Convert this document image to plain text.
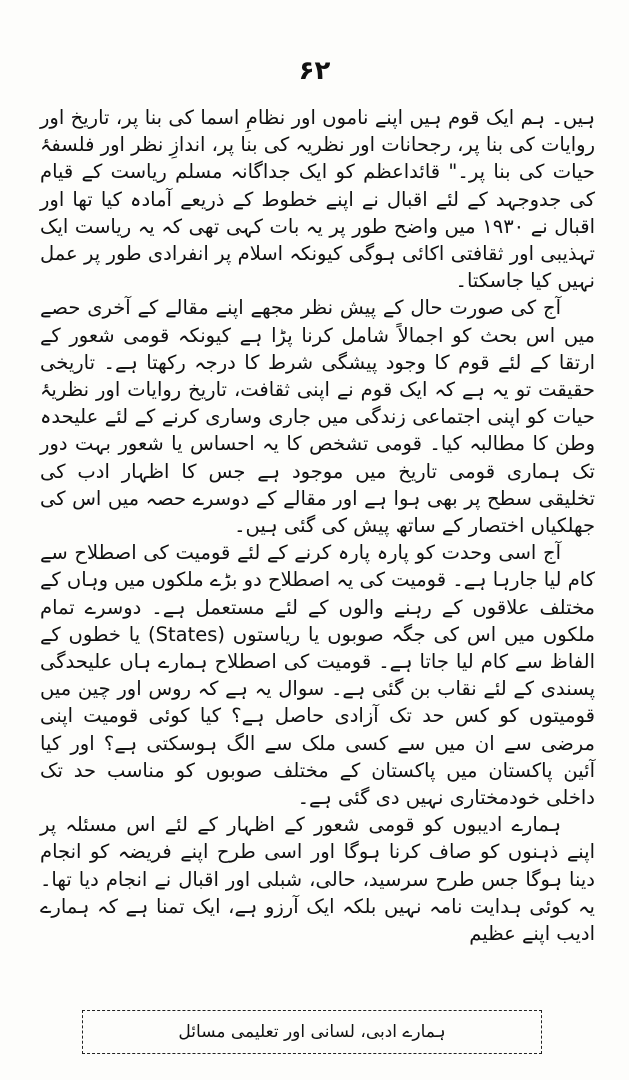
۶۲

ہیں۔ ہم ایک قوم ہیں اپنے ناموں اور نظامِ اسما کی بنا پر، تاریخ اور روایات کی بنا پر، رجحانات اور نظریہ کی بنا پر، اندازِ نظر اور فلسفۂ حیات کی بنا پر۔" قائداعظم کو ایک جداگانہ مسلم ریاست کے قیام کی جدوجہد کے لئے اقبال نے اپنے خطوط کے ذریعے آمادہ کیا تھا اور اقبال نے ۱۹۳۰ میں واضح طور پر یہ بات کہی تھی کہ یہ ریاست ایک تہذیبی اور ثقافتی اکائی ہوگی کیونکہ اسلام پر انفرادی طور پر عمل نہیں کیا جاسکتا۔

آج کی صورت حال کے پیش نظر مجھے اپنے مقالے کے آخری حصے میں اس بحث کو اجمالاً شامل کرنا پڑا ہے کیونکہ قومی شعور کے ارتقا کے لئے قوم کا وجود پیشگی شرط کا درجہ رکھتا ہے۔ تاریخی حقیقت تو یہ ہے کہ ایک قوم نے اپنی ثقافت، تاریخ روایات اور نظریۂ حیات کو اپنی اجتماعی زندگی میں جاری وساری کرنے کے لئے علیحدہ وطن کا مطالبہ کیا۔ قومی تشخص کا یہ احساس یا شعور بہت دور تک ہماری قومی تاریخ میں موجود ہے جس کا اظہار ادب کی تخلیقی سطح پر بھی ہوا ہے اور مقالے کے دوسرے حصہ میں اس کی جھلکیاں اختصار کے ساتھ پیش کی گئی ہیں۔

آج اسی وحدت کو پارہ پارہ کرنے کے لئے قومیت کی اصطلاح سے کام لیا جارہا ہے۔ قومیت کی یہ اصطلاح دو بڑے ملکوں میں وہاں کے مختلف علاقوں کے رہنے والوں کے لئے مستعمل ہے۔ دوسرے تمام ملکوں میں اس کی جگہ صوبوں یا ریاستوں (States) یا خطوں کے الفاظ سے کام لیا جاتا ہے۔ قومیت کی اصطلاح ہمارے ہاں علیحدگی پسندی کے لئے نقاب بن گئی ہے۔ سوال یہ ہے کہ روس اور چین میں قومیتوں کو کس حد تک آزادی حاصل ہے؟ کیا کوئی قومیت اپنی مرضی سے ان میں سے کسی ملک سے الگ ہوسکتی ہے؟ اور کیا آئین پاکستان میں پاکستان کے مختلف صوبوں کو مناسب حد تک داخلی خودمختاری نہیں دی گئی ہے۔

ہمارے ادیبوں کو قومی شعور کے اظہار کے لئے اس مسئلہ پر اپنے ذہنوں کو صاف کرنا ہوگا اور اسی طرح اپنے فریضہ کو انجام دینا ہوگا جس طرح سرسید، حالی، شبلی اور اقبال نے انجام دیا تھا۔ یہ کوئی ہدایت نامہ نہیں بلکہ ایک آرزو ہے، ایک تمنا ہے کہ ہمارے ادیب اپنے عظیم

ہمارے ادبی، لسانی اور تعلیمی مسائل
